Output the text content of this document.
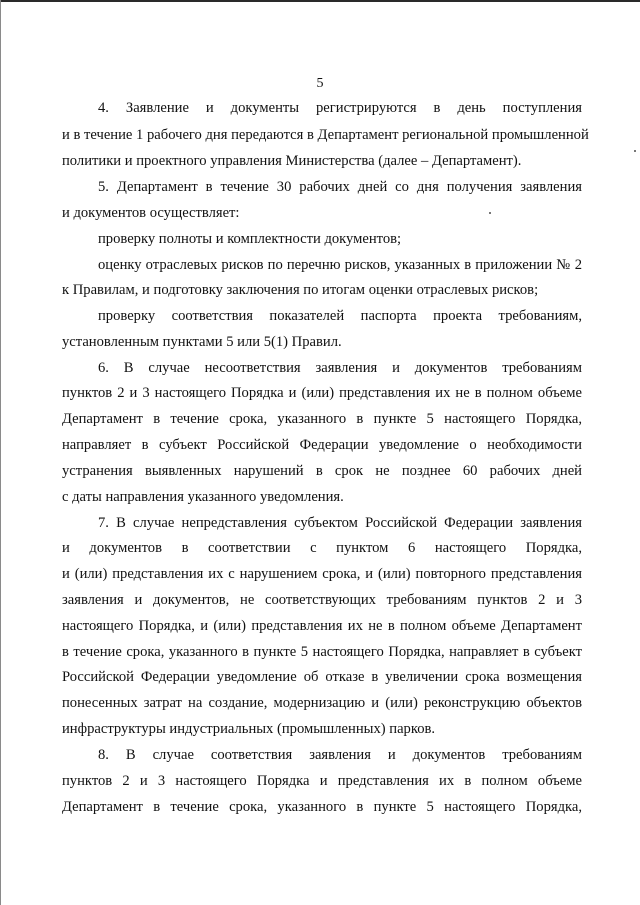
5
4. Заявление и документы регистрируются в день поступления
и в течение 1 рабочего дня передаются в Департамент региональной промышленной
политики и проектного управления Министерства (далее – Департамент).
5. Департамент в течение 30 рабочих дней со дня получения заявления
и документов осуществляет:
проверку полноты и комплектности документов;
оценку отраслевых рисков по перечню рисков, указанных в приложении № 2
к Правилам, и подготовку заключения по итогам оценки отраслевых рисков;
проверку соответствия показателей паспорта проекта требованиям,
установленным пунктами 5 или 5(1) Правил.
6. В случае несоответствия заявления и документов требованиям
пунктов 2 и 3 настоящего Порядка и (или) представления их не в полном объеме
Департамент в течение срока, указанного в пункте 5 настоящего Порядка,
направляет в субъект Российской Федерации уведомление о необходимости
устранения выявленных нарушений в срок не позднее 60 рабочих дней
с даты направления указанного уведомления.
7. В случае непредставления субъектом Российской Федерации заявления
и документов в соответствии с пунктом 6 настоящего Порядка,
и (или) представления их с нарушением срока, и (или) повторного представления
заявления и документов, не соответствующих требованиям пунктов 2 и 3
настоящего Порядка, и (или) представления их не в полном объеме Департамент
в течение срока, указанного в пункте 5 настоящего Порядка, направляет в субъект
Российской Федерации уведомление об отказе в увеличении срока возмещения
понесенных затрат на создание, модернизацию и (или) реконструкцию объектов
инфраструктуры индустриальных (промышленных) парков.
8. В случае соответствия заявления и документов требованиям
пунктов 2 и 3 настоящего Порядка и представления их в полном объеме
Департамент в течение срока, указанного в пункте 5 настоящего Порядка,
